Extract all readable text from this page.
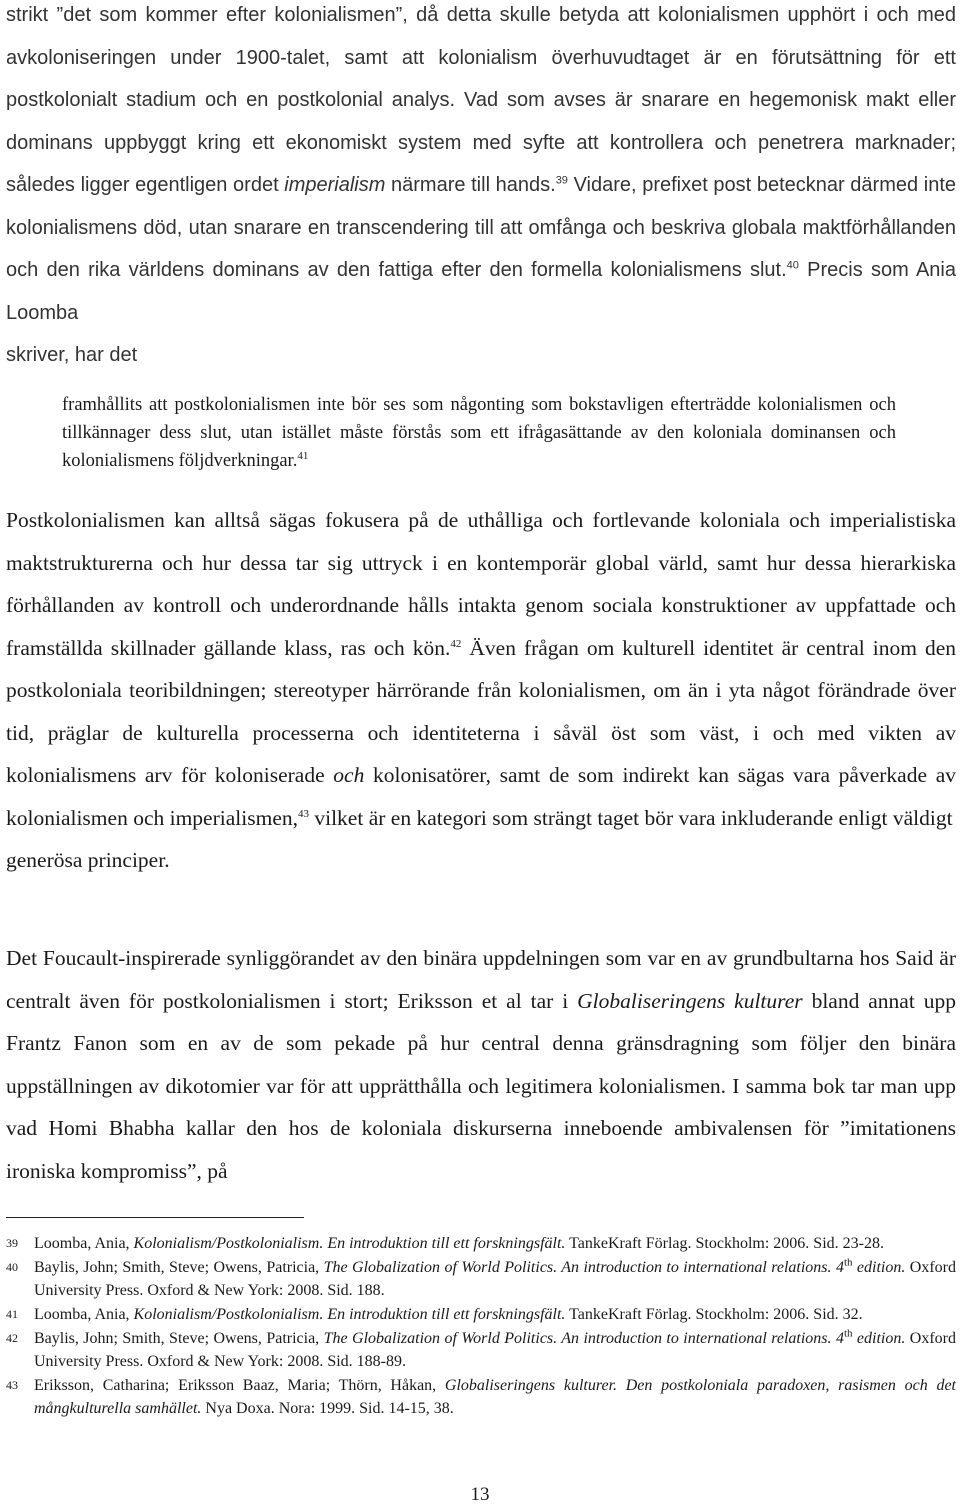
strikt ”det som kommer efter kolonialismen”, då detta skulle betyda att kolonialismen upphört i och med avkoloniseringen under 1900-talet, samt att kolonialism överhuvudtaget är en förutsättning för ett postkolonialt stadium och en postkolonial analys. Vad som avses är snarare en hegemonisk makt eller dominans uppbyggt kring ett ekonomiskt system med syfte att kontrollera och penetrera marknader; således ligger egentligen ordet imperialism närmare till hands.$^{39}$ Vidare, prefixet post betecknar därmed inte kolonialismens död, utan snarare en transcendering till att omfånga och beskriva globala maktförhållanden och den rika världens dominans av den fattiga efter den formella kolonialismens slut.$^{40}$ Precis som Ania Loomba
skriver, har det

framhållits att postkolonialismen inte bör ses som någonting som bokstavligen efterträdde kolonialismen och tillkännager dess slut, utan istället måste förstås som ett ifrågasättande av den koloniala dominansen och kolonialismens följdverkningar.$^{41}$

Postkolonialismen kan alltså sägas fokusera på de uthålliga och fortlevande koloniala och imperialistiska maktstrukturerna och hur dessa tar sig uttryck i en kontemporär global värld, samt hur dessa hierarkiska förhållanden av kontroll och underordnande hålls intakta genom sociala konstruktioner av uppfattade och framställda skillnader gällande klass, ras och kön.$^{42}$ Även frågan om kulturell identitet är central inom den postkoloniala teoribildningen; stereotyper härrörande från kolonialismen, om än i yta något förändrade över tid, präglar de kulturella processerna och identiteterna i såväl öst som väst, i och med vikten av kolonialismens arv för koloniserade och kolonisatörer, samt de som indirekt kan sägas vara påverkade av kolonialismen och imperialismen,$^{43}$ vilket är en kategori som strängt taget bör vara inkluderande enligt väldigt
generösa principer.

Det Foucault-inspirerade synliggörandet av den binära uppdelningen som var en av grundbultarna hos Said är centralt även för postkolonialismen i stort; Eriksson et al tar i Globaliseringens kulturer bland annat upp Frantz Fanon som en av de som pekade på hur central denna gränsdragning som följer den binära uppställningen av dikotomier var för att upprätthålla och legitimera kolonialismen. I samma bok tar man upp vad Homi Bhabha kallar den hos de koloniala diskurserna inneboende ambivalensen för ”imitationens ironiska kompromiss”, på

39 Loomba, Ania, Kolonialism/Postkolonialism. En introduktion till ett forskningsfält. TankeKraft Förlag. Stockholm: 2006. Sid. 23-28.
40 Baylis, John; Smith, Steve; Owens, Patricia, The Globalization of World Politics. An introduction to international relations. 4th edition. Oxford University Press. Oxford & New York: 2008. Sid. 188.
41 Loomba, Ania, Kolonialism/Postkolonialism. En introduktion till ett forskningsfält. TankeKraft Förlag. Stockholm: 2006. Sid. 32.
42 Baylis, John; Smith, Steve; Owens, Patricia, The Globalization of World Politics. An introduction to international relations. 4th edition. Oxford University Press. Oxford & New York: 2008. Sid. 188-89.
43 Eriksson, Catharina; Eriksson Baaz, Maria; Thörn, Håkan, Globaliseringens kulturer. Den postkoloniala paradoxen, rasismen och det mångkulturella samhället. Nya Doxa. Nora: 1999. Sid. 14-15, 38.
13
